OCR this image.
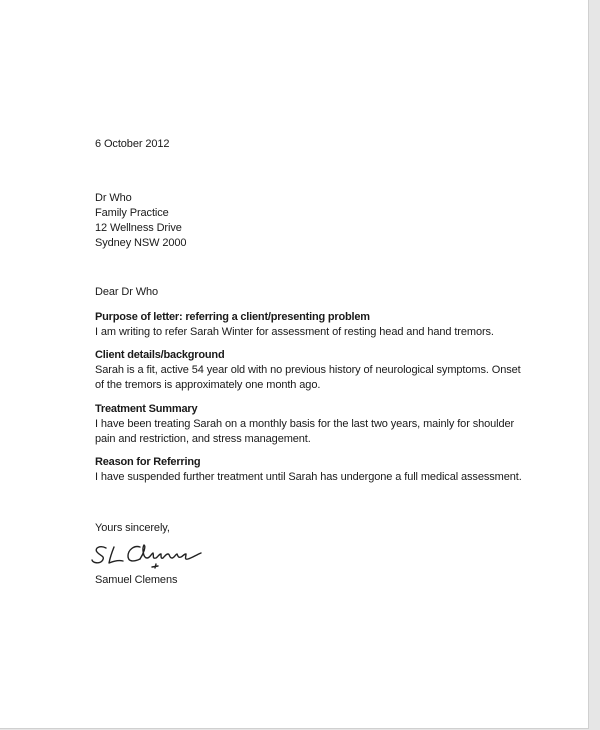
6 October 2012
Dr Who
Family Practice
12 Wellness Drive
Sydney NSW 2000
Dear Dr Who
Purpose of letter: referring a client/presenting problem

I am writing to refer Sarah Winter for assessment of resting head and hand tremors.

Client details/background

Sarah is a fit, active 54 year old with no previous history of neurological symptoms. Onset of the tremors is approximately one month ago.

Treatment Summary

I have been treating Sarah on a monthly basis for the last two years, mainly for shoulder pain and restriction, and stress management.

Reason for Referring

I have suspended further treatment until Sarah has undergone a full medical assessment.

Yours sincerely,
Samuel Clemens
